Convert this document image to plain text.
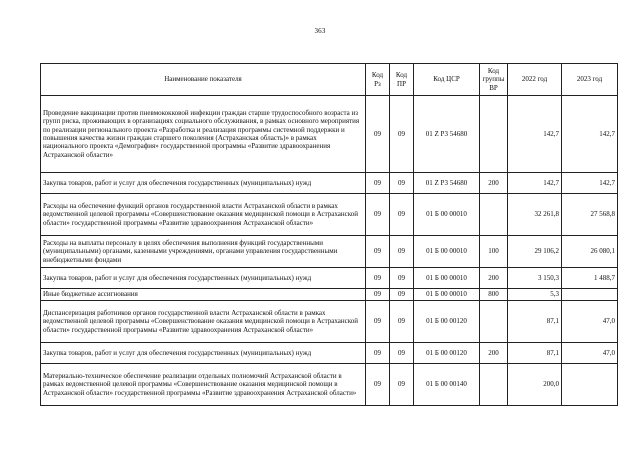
363
Наименование показателя	Код Рз	Код ПР	Код ЦСР	Код группы ВР	2022 год	2023 год
Проведение вакцинации против пневмококковой инфекции граждан старше трудоспособного возраста из групп риска, проживающих в организациях социального обслуживания, в рамках основного мероприятия по реализации регионального проекта «Разработка и реализация программы системной поддержки и повышения качества жизни граждан старшего поколения (Астраханская область)» в рамках национального проекта «Демография» государственной программы «Развитие здравоохранения Астраханской области»	09	09	01 Z P3 54680		142,7	142,7
Закупка товаров, работ и услуг для обеспечения государственных (муниципальных) нужд	09	09	01 Z P3 54680	200	142,7	142,7
Расходы на обеспечение функций органов государственной власти Астраханской области в рамках ведомственной целевой программы «Совершенствование оказания медицинской помощи в Астраханской области» государственной программы «Развитие здравоохранения Астраханской области»	09	09	01 Б 00 00010		32 261,8	27 568,8
Расходы на выплаты персоналу в целях обеспечения выполнения функций государственными (муниципальными) органами, казенными учреждениями, органами управления государственными внебюджетными фондами	09	09	01 Б 00 00010	100	29 106,2	26 080,1
Закупка товаров, работ и услуг для обеспечения государственных (муниципальных) нужд	09	09	01 Б 00 00010	200	3 150,3	1 488,7
Иные бюджетные ассигнования	09	09	01 Б 00 00010	800	5,3	
Диспансеризация работников органов государственной власти Астраханской области в рамках ведомственной целевой программы «Совершенствование оказания медицинской помощи в Астраханской области» государственной программы «Развитие здравоохранения Астраханской области»	09	09	01 Б 00 00120		87,1	47,0
Закупка товаров, работ и услуг для обеспечения государственных (муниципальных) нужд	09	09	01 Б 00 00120	200	87,1	47,0
Материально-техническое обеспечение реализации отдельных полномочий Астраханской области в рамках ведомственной целевой программы «Совершенствование оказания медицинской помощи в Астраханской области» государственной программы «Развитие здравоохранения Астраханской области»	09	09	01 Б 00 00140		200,0	
